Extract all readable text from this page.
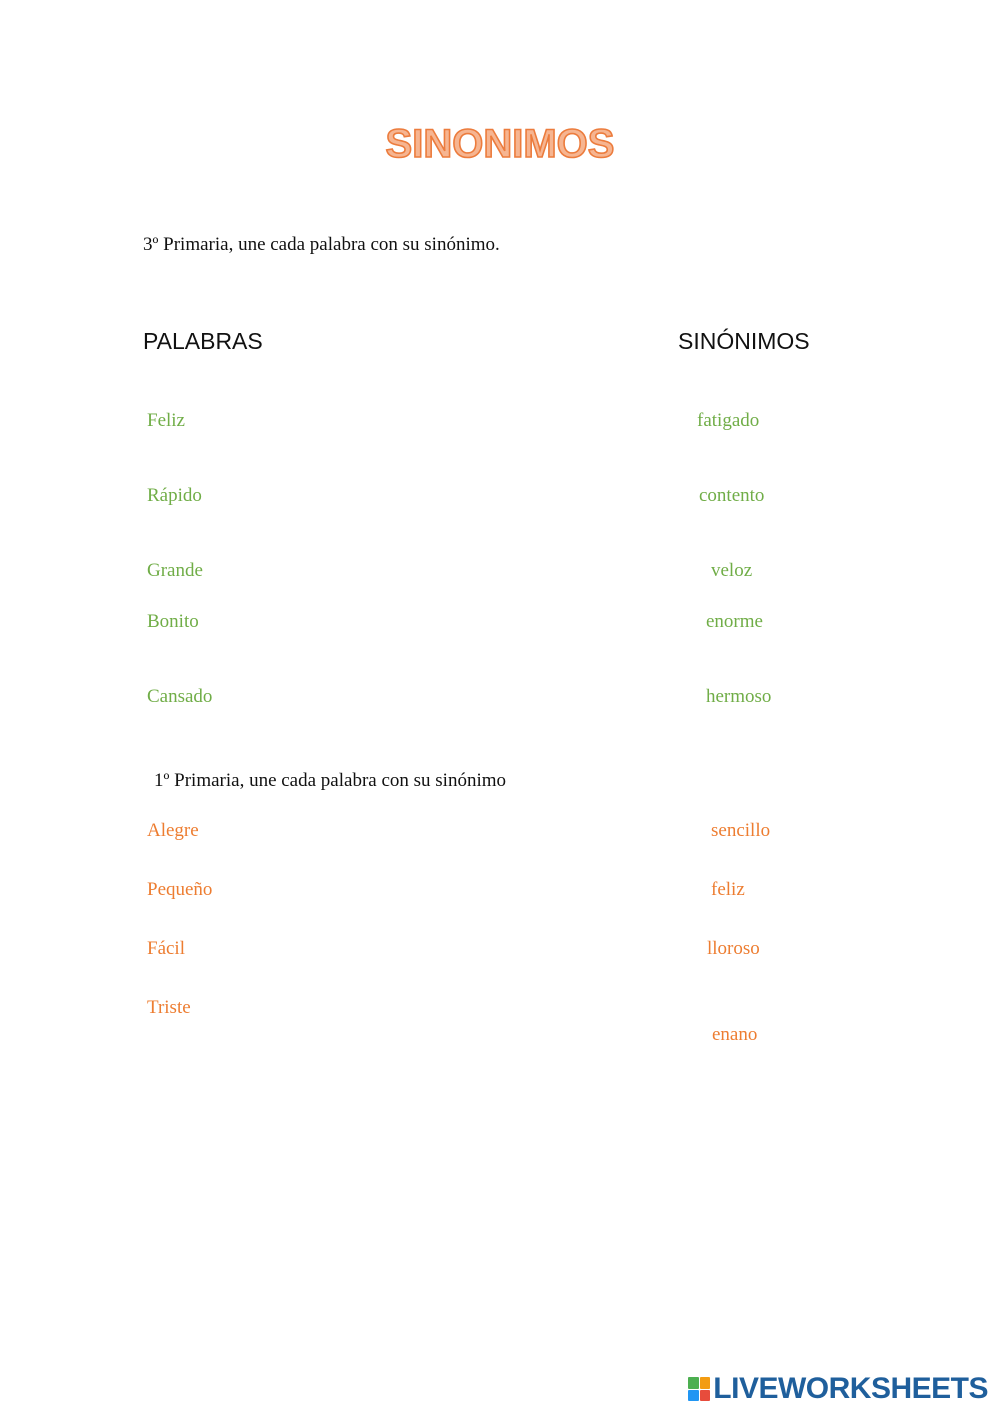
SINONIMOS
3º Primaria, une cada palabra con su sinónimo.
PALABRAS	SINÓNIMOS
Feliz
Rápido
Grande
Bonito
Cansado
fatigado
contento
veloz
enorme
hermoso
1º Primaria, une cada palabra con su sinónimo
Alegre
Pequeño
Fácil
Triste
sencillo
feliz
lloroso
enano
LIVEWORKSHEETS
